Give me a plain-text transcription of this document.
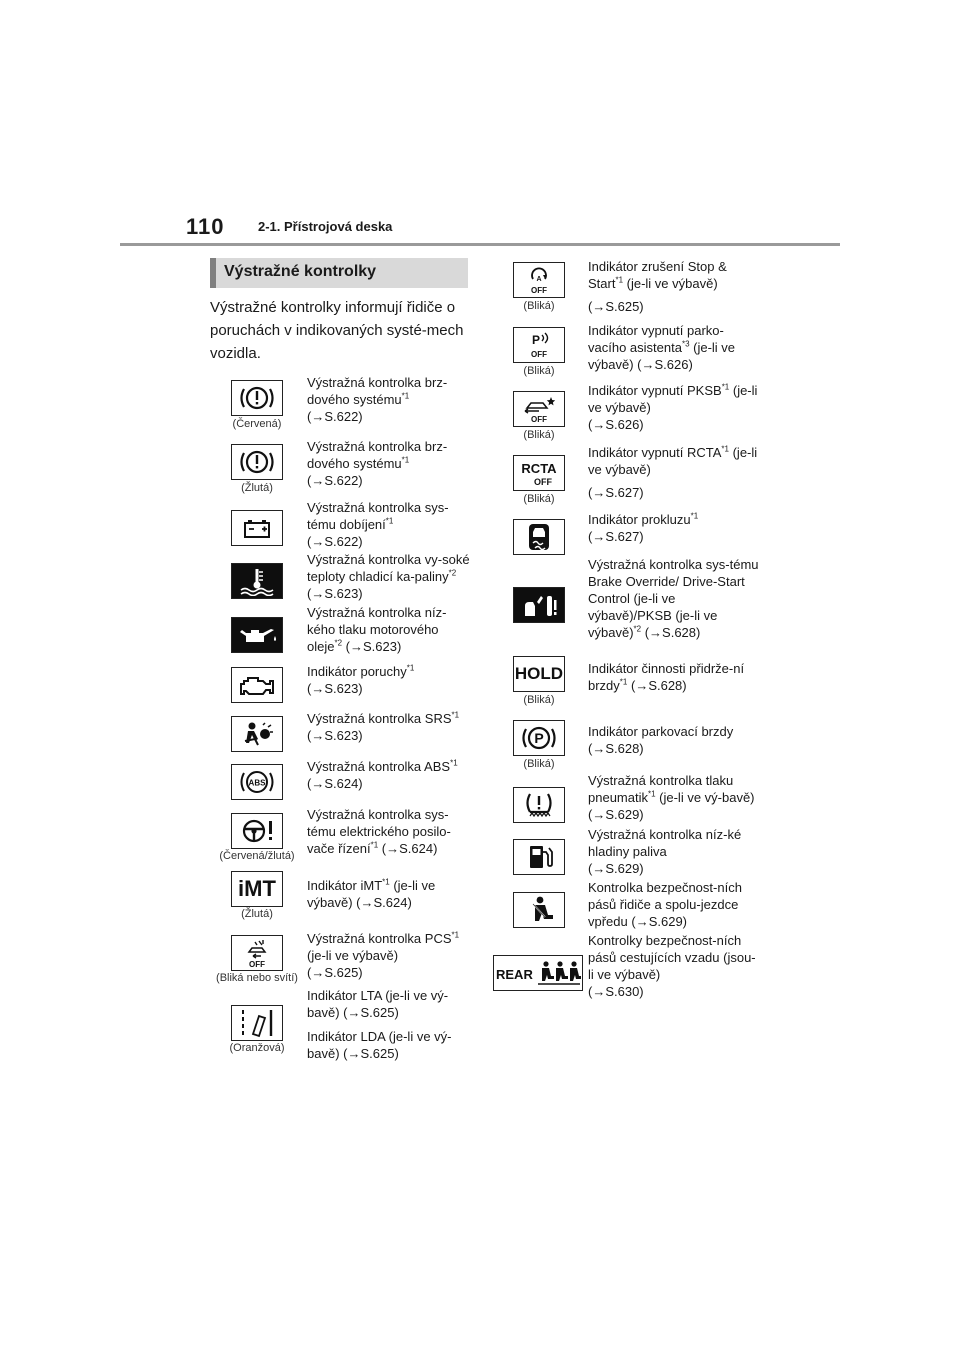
110	2-1. Přístrojová deska
Výstražné kontrolky
Výstražné kontrolky informují řidiče o poruchách v indikovaných systé-mech vozidla.
(Červená)
Výstražná kontrolka brz-dového systému$^{*1}$
(→S.622)
(Žlutá)
Výstražná kontrolka brz-dového systému$^{*1}$
(→S.622)
Výstražná kontrolka sys-tému dobíjení$^{*1}$
(→S.622)
Výstražná kontrolka vy-soké teploty chladicí ka-paliny$^{*2}$ (→S.623)
Výstražná kontrolka níz-kého tlaku motorového oleje$^{*2}$ (→S.623)
Indikátor poruchy$^{*1}$
(→S.623)
Výstražná kontrolka SRS$^{*1}$ (→S.623)
ABS
Výstražná kontrolka ABS$^{*1}$ (→S.624)
(Červená/žlutá)
Výstražná kontrolka sys-tému elektrického posilo-vače řízení$^{*1}$ (→S.624)
iMT
(Žlutá)
Indikátor iMT$^{*1}$ (je-li ve výbavě) (→S.624)
OFF
(Bliká nebo svítí)
Výstražná kontrolka PCS$^{*1}$ (je-li ve výbavě)
(→S.625)
(Oranžová)
Indikátor LTA (je-li ve vý-bavě) (→S.625)
Indikátor LDA (je-li ve vý-bavě) (→S.625)
A
OFF
(Bliká)
Indikátor zrušení Stop & Start$^{*1}$ (je-li ve výbavě)

(→S.625)
P
OFF
(Bliká)
Indikátor vypnutí parko-vacího asistenta$^{*3}$ (je-li ve výbavě) (→S.626)
OFF
(Bliká)
Indikátor vypnutí PKSB$^{*1}$ (je-li ve výbavě)
(→S.626)
RCTA
OFF
(Bliká)
Indikátor vypnutí RCTA$^{*1}$ (je-li ve výbavě)

(→S.627)
Indikátor prokluzu$^{*1}$
(→S.627)
Výstražná kontrolka sys-tému Brake Override/ Drive-Start Control (je-li ve výbavě)/PKSB (je-li ve výbavě)$^{*2}$ (→S.628)
HOLD
(Bliká)
Indikátor činnosti přidrže-ní brzdy$^{*1}$ (→S.628)
P
(Bliká)
Indikátor parkovací brzdy
(→S.628)
Výstražná kontrolka tlaku pneumatik$^{*1}$ (je-li ve vý-bavě) (→S.629)
Výstražná kontrolka níz-ké hladiny paliva
(→S.629)
Kontrolka bezpečnost-ních pásů řidiče a spolu-jezdce vpředu (→S.629)
REAR
Kontrolky bezpečnost-ních pásů cestujících vzadu (jsou-li ve výbavě)
(→S.630)
